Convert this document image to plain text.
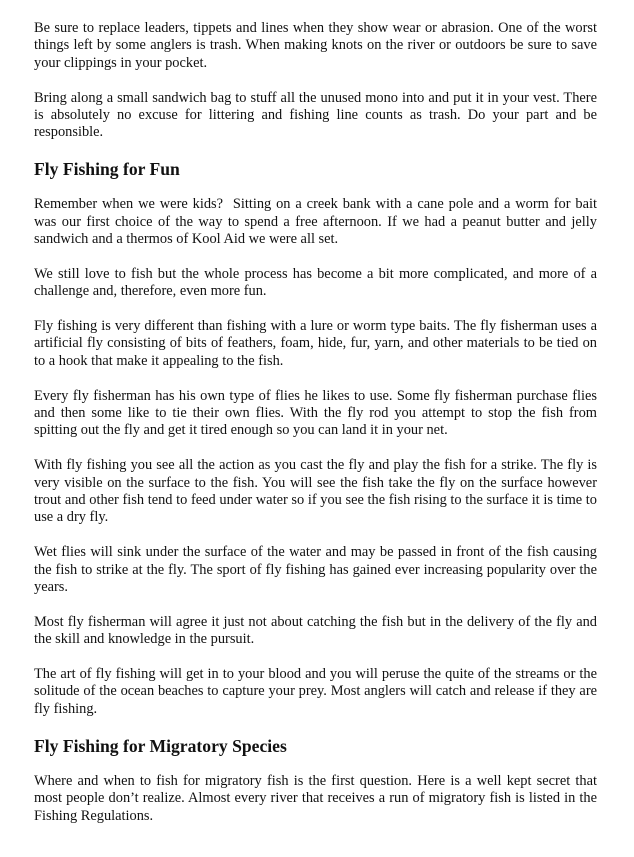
Be sure to replace leaders, tippets and lines when they show wear or abrasion. One of the worst things left by some anglers is trash. When making knots on the river or outdoors be sure to save your clippings in your pocket.

Bring along a small sandwich bag to stuff all the unused mono into and put it in your vest. There is absolutely no excuse for littering and fishing line counts as trash. Do your part and be responsible.

Fly Fishing for Fun

Remember when we were kids?  Sitting on a creek bank with a cane pole and a worm for bait was our first choice of the way to spend a free afternoon. If we had a peanut butter and jelly sandwich and a thermos of Kool Aid we were all set.

We still love to fish but the whole process has become a bit more complicated, and more of a challenge and, therefore, even more fun.

Fly fishing is very different than fishing with a lure or worm type baits. The fly fisherman uses a artificial fly consisting of bits of feathers, foam, hide, fur, yarn, and other materials to be tied on to a hook that make it appealing to the fish.

Every fly fisherman has his own type of flies he likes to use. Some fly fisherman purchase flies and then some like to tie their own flies. With the fly rod you attempt to stop the fish from spitting out the fly and get it tired enough so you can land it in your net.

With fly fishing you see all the action as you cast the fly and play the fish for a strike. The fly is very visible on the surface to the fish. You will see the fish take the fly on the surface however trout and other fish tend to feed under water so if you see the fish rising to the surface it is time to use a dry fly.

Wet flies will sink under the surface of the water and may be passed in front of the fish causing the fish to strike at the fly. The sport of fly fishing has gained ever increasing popularity over the years.

Most fly fisherman will agree it just not about catching the fish but in the delivery of the fly and the skill and knowledge in the pursuit.

The art of fly fishing will get in to your blood and you will peruse the quite of the streams or the solitude of the ocean beaches to capture your prey. Most anglers will catch and release if they are fly fishing.

Fly Fishing for Migratory Species

Where and when to fish for migratory fish is the first question. Here is a well kept secret that most people don’t realize. Almost every river that receives a run of migratory fish is listed in the Fishing Regulations.
